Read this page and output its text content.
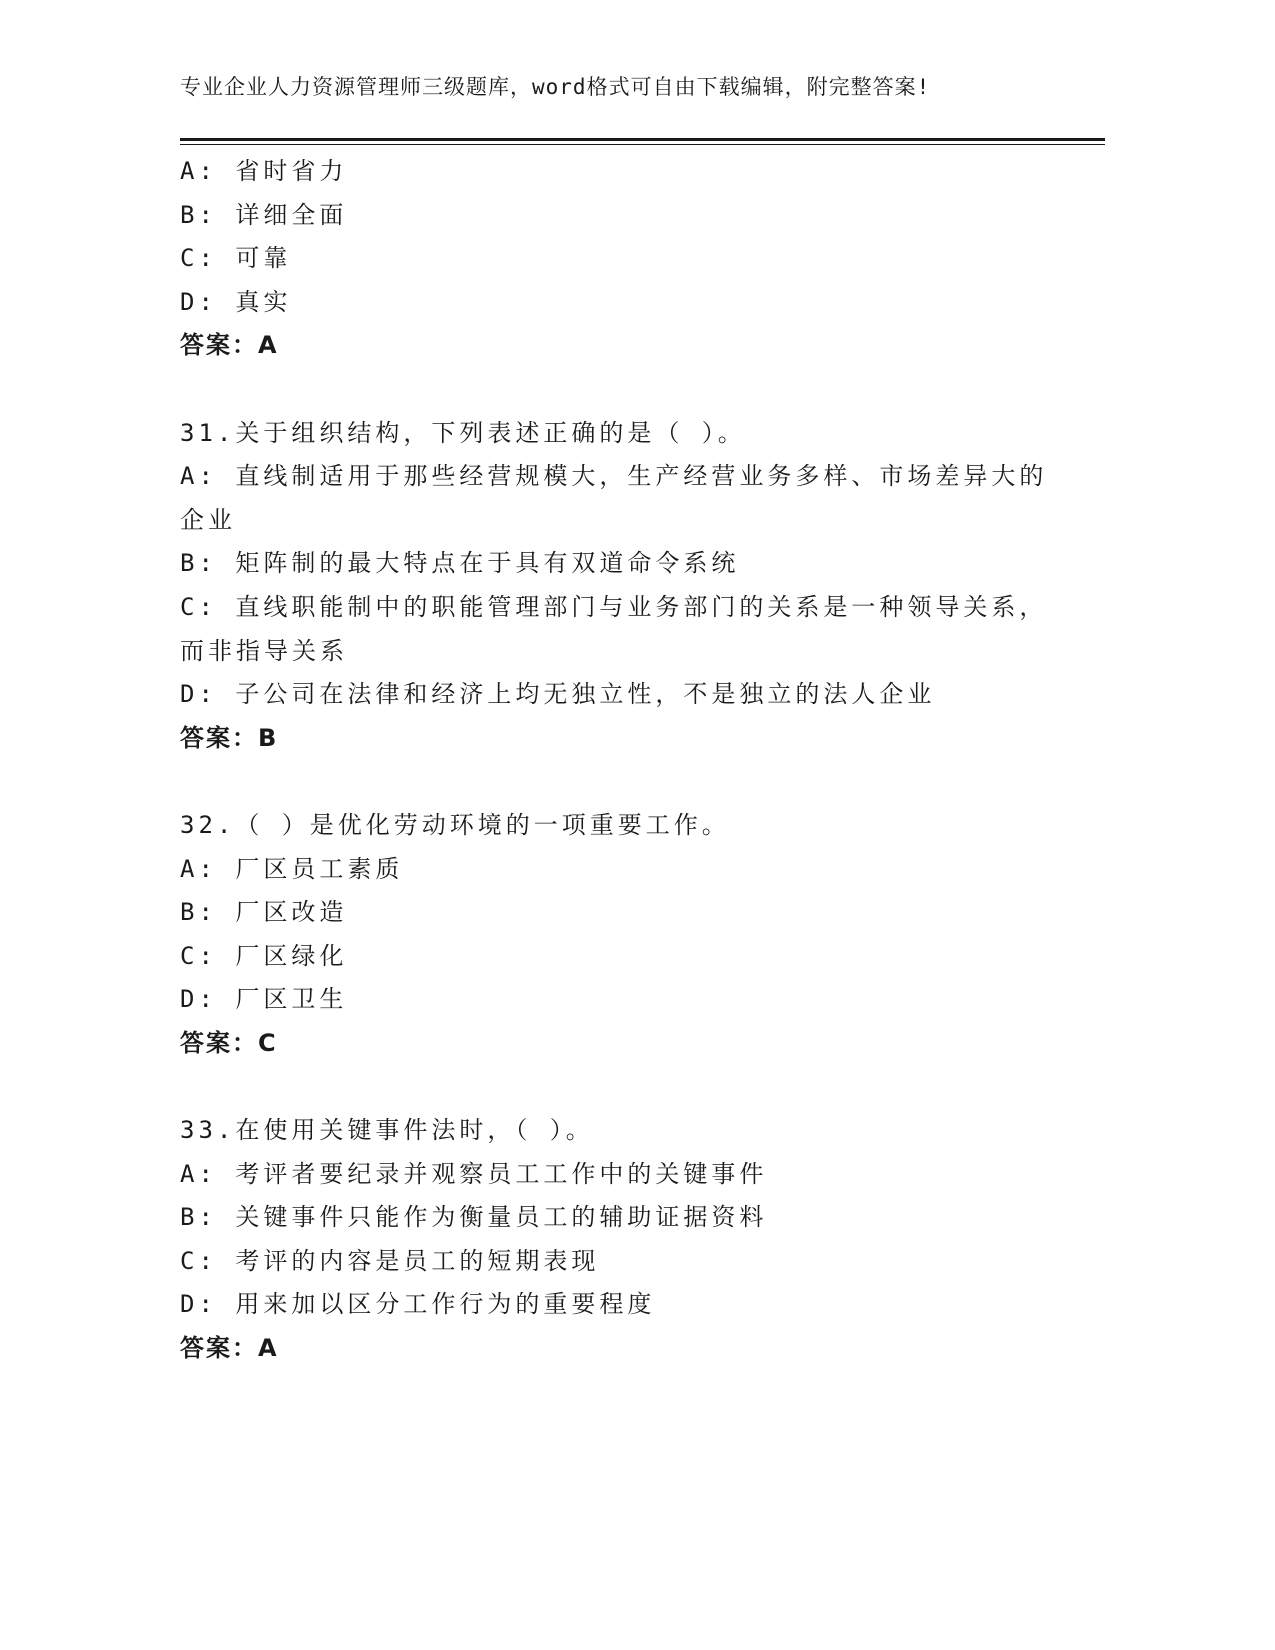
专业企业人力资源管理师三级题库，word格式可自由下载编辑，附完整答案!
A: 省时省力
B: 详细全面
C: 可靠
D: 真实
答案：A
31.关于组织结构，下列表述正确的是（ ）。
A: 直线制适用于那些经营规模大，生产经营业务多样、市场差异大的
企业
B: 矩阵制的最大特点在于具有双道命令系统
C: 直线职能制中的职能管理部门与业务部门的关系是一种领导关系，
而非指导关系
D: 子公司在法律和经济上均无独立性，不是独立的法人企业
答案：B
32.（ ）是优化劳动环境的一项重要工作。
A: 厂区员工素质
B: 厂区改造
C: 厂区绿化
D: 厂区卫生
答案：C
33.在使用关键事件法时，（ ）。
A: 考评者要纪录并观察员工工作中的关键事件
B: 关键事件只能作为衡量员工的辅助证据资料
C: 考评的内容是员工的短期表现
D: 用来加以区分工作行为的重要程度
答案：A
